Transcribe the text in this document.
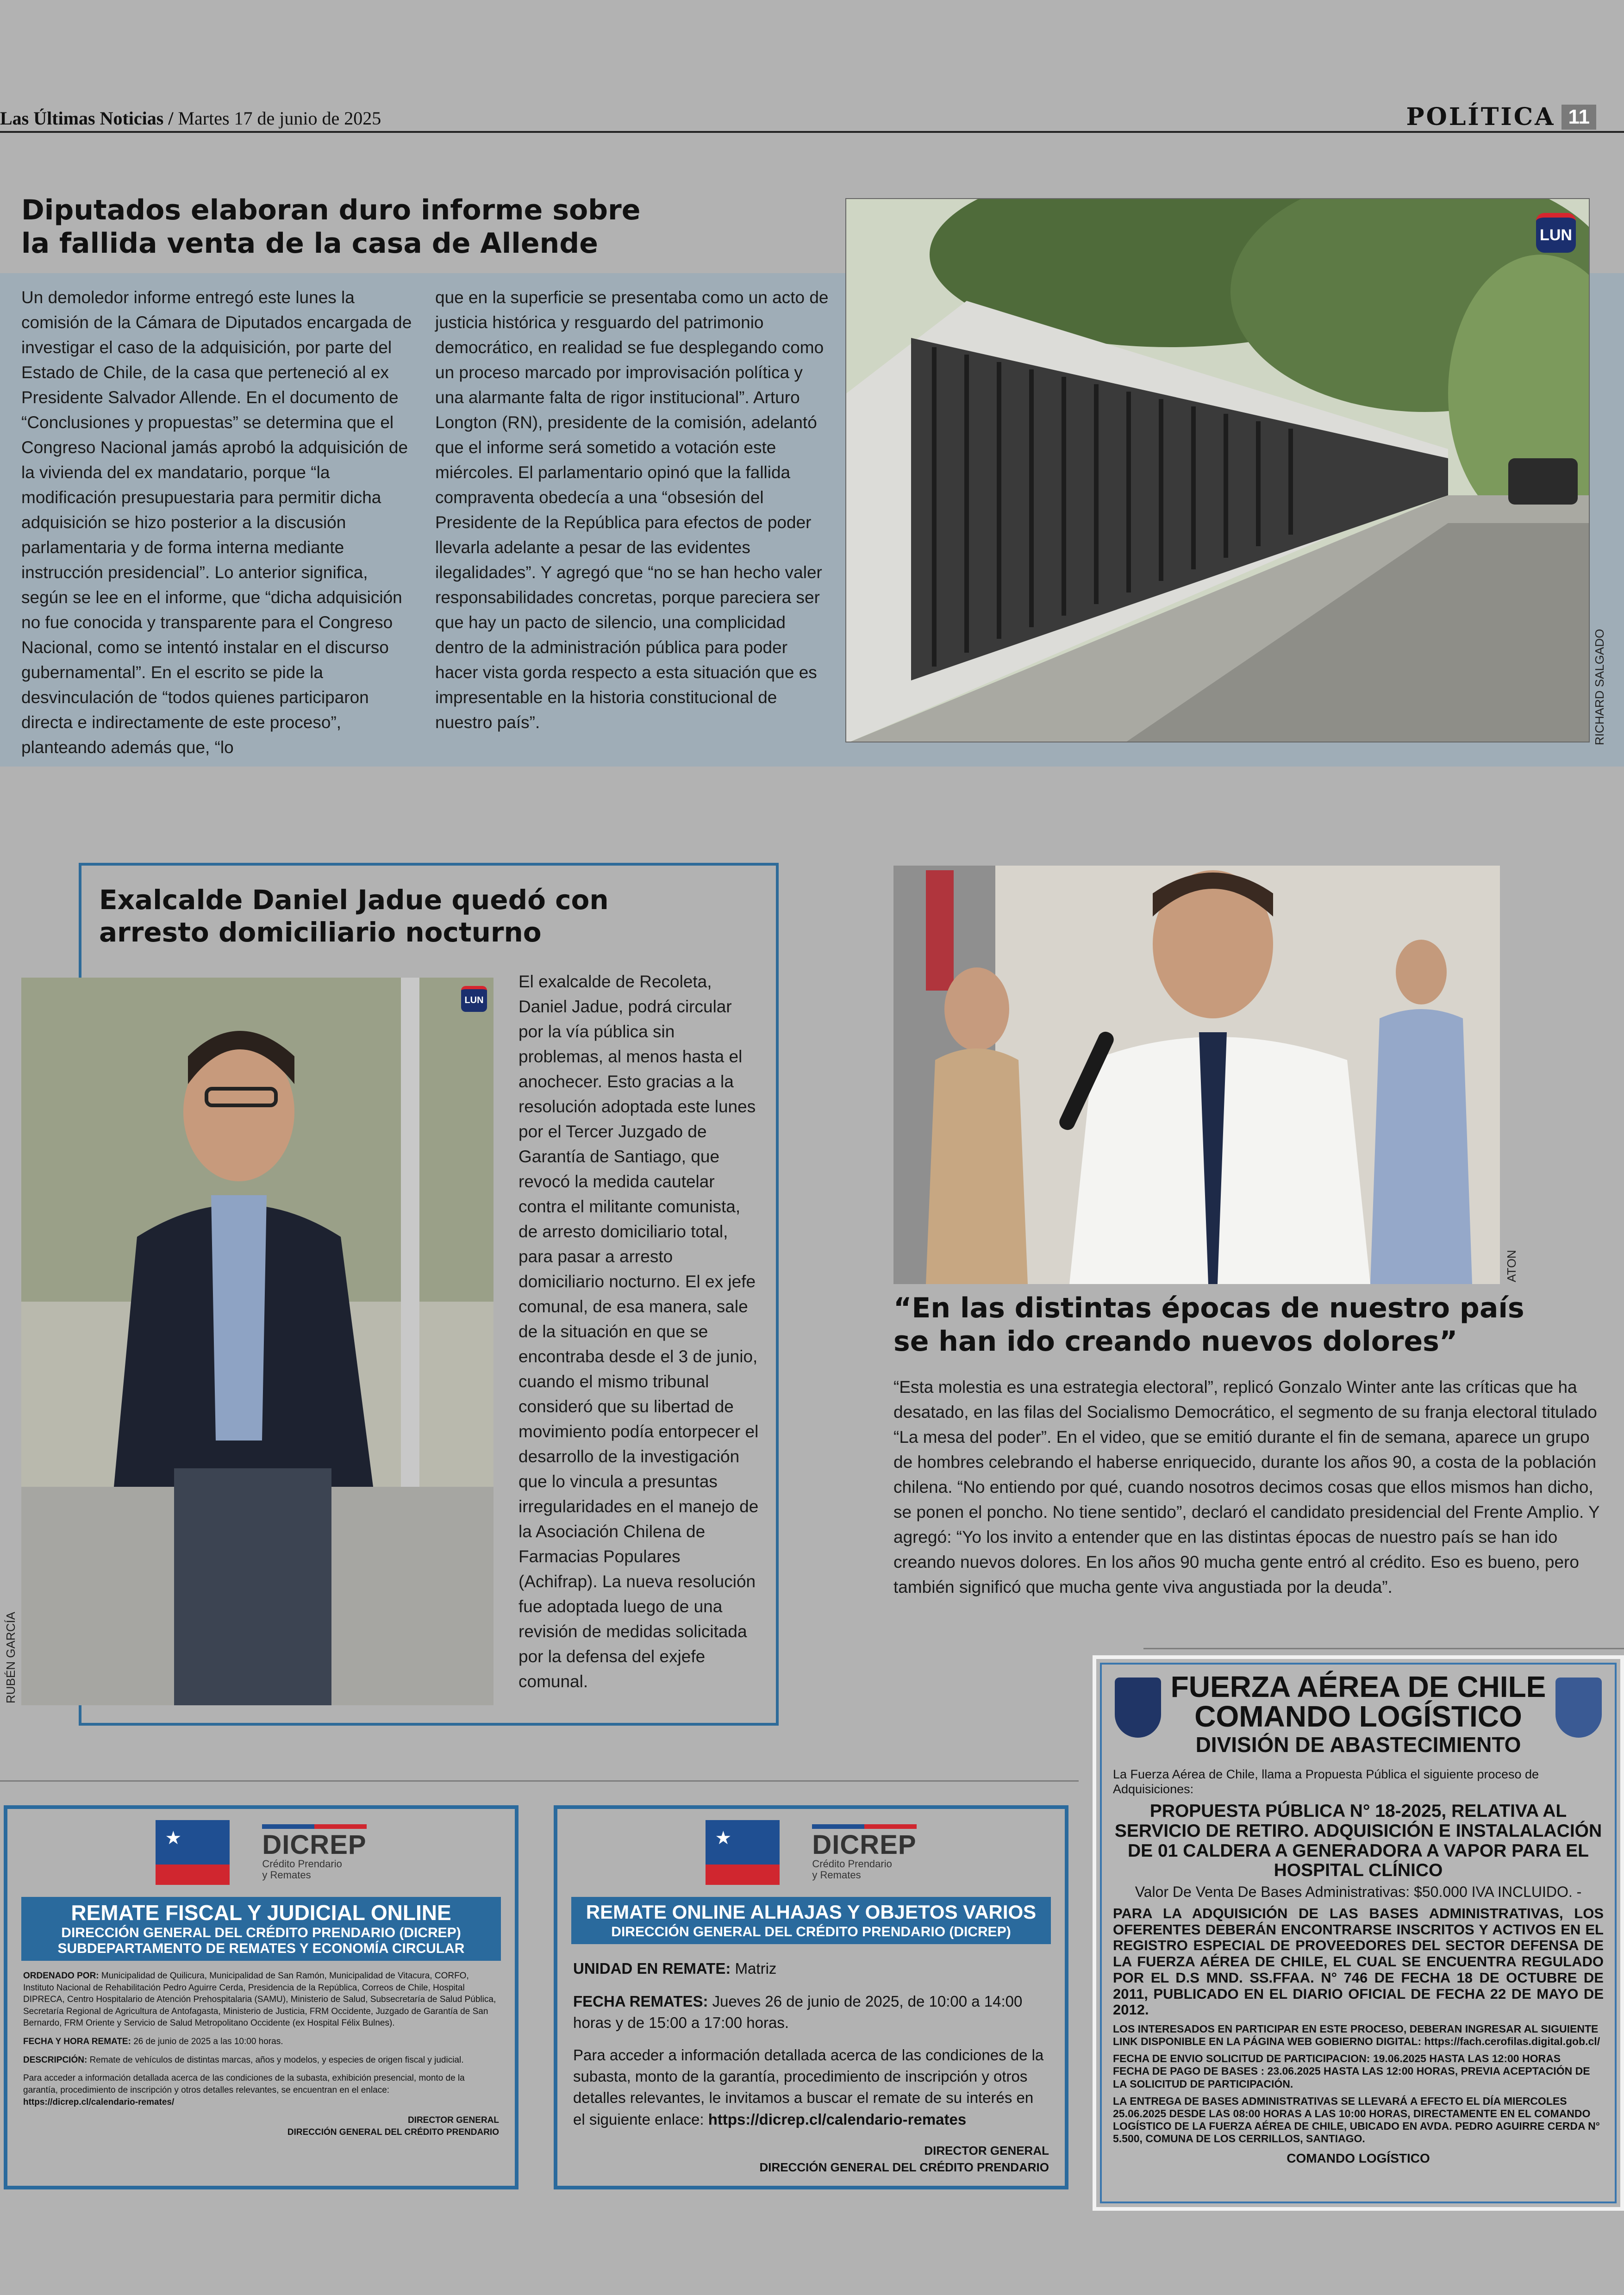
Las Últimas Noticias / Martes 17 de junio de 2025	POLÍTICA 11
Diputados elaboran duro informe sobre
la fallida venta de la casa de Allende
Un demoledor informe entregó este lunes la comisión de la Cámara de Diputados encargada de investigar el caso de la adquisición, por parte del Estado de Chile, de la casa que perteneció al ex Presidente Salvador Allende. En el documento de “Conclusiones y propuestas” se determina que el Congreso Nacional jamás aprobó la adquisición de la vivienda del ex mandatario, porque “la modificación presupuestaria para permitir dicha adquisición se hizo posterior a la discusión parlamentaria y de forma interna mediante instrucción presidencial”. Lo anterior significa, según se lee en el informe, que “dicha adquisición no fue conocida y transparente para el Congreso Nacional, como se intentó instalar en el discurso gubernamental”. En el escrito se pide la desvinculación de “todos quienes participaron directa e indirectamente de este proceso”, planteando además que, “lo
que en la superficie se presentaba como un acto de justicia histórica y resguardo del patrimonio democrático, en realidad se fue desplegando como un proceso marcado por improvisación política y una alarmante falta de rigor institucional”. Arturo Longton (RN), presidente de la comisión, adelantó que el informe será sometido a votación este miércoles. El parlamentario opinó que la fallida compraventa obedecía a una “obsesión del Presidente de la República para efectos de poder llevarla adelante a pesar de las evidentes ilegalidades”. Y agregó que “no se han hecho valer responsabilidades concretas, porque pareciera ser que hay un pacto de silencio, una complicidad dentro de la administración pública para poder hacer vista gorda respecto a esta situación que es impresentable en la historia constitucional de nuestro país”.
LUN
RICHARD SALGADO
Exalcalde Daniel Jadue quedó con
arresto domiciliario nocturno
LUN
RUBÉN GARCÍA
El exalcalde de Recoleta, Daniel Jadue, podrá circular por la vía pública sin problemas, al menos hasta el anochecer. Esto gracias a la resolución adoptada este lunes por el Tercer Juzgado de Garantía de Santiago, que revocó la medida cautelar contra el militante comunista, de arresto domiciliario total, para pasar a arresto domiciliario nocturno. El ex jefe comunal, de esa manera, sale de la situación en que se encontraba desde el 3 de junio, cuando el mismo tribunal consideró que su libertad de movimiento podía entorpecer el desarrollo de la investigación que lo vincula a presuntas irregularidades en el manejo de la Asociación Chilena de Farmacias Populares (Achifrap). La nueva resolución fue adoptada luego de una revisión de medidas solicitada por la defensa del exjefe comunal.
ATON
“En las distintas épocas de nuestro país
se han ido creando nuevos dolores”
“Esta molestia es una estrategia electoral”, replicó Gonzalo Winter ante las críticas que ha desatado, en las filas del Socialismo Democrático, el segmento de su franja electoral titulado “La mesa del poder”. En el video, que se emitió durante el fin de semana, aparece un grupo de hombres celebrando el haberse enriquecido, durante los años 90, a costa de la población chilena. “No entiendo por qué, cuando nosotros decimos cosas que ellos mismos han dicho, se ponen el poncho. No tiene sentido”, declaró el candidato presidencial del Frente Amplio. Y agregó: “Yo los invito a entender que en las distintas épocas de nuestro país se han ido creando nuevos dolores. En los años 90 mucha gente entró al crédito. Eso es bueno, pero también significó que mucha gente viva angustiada por la deuda”.
★	DICREP
Crédito Prendario
y Remates
REMATE FISCAL Y JUDICIAL ONLINE
DIRECCIÓN GENERAL DEL CRÉDITO PRENDARIO (DICREP)
SUBDEPARTAMENTO DE REMATES Y ECONOMÍA CIRCULAR

ORDENADO POR: Municipalidad de Quilicura, Municipalidad de San Ramón, Municipalidad de Vitacura, CORFO, Instituto Nacional de Rehabilitación Pedro Aguirre Cerda, Presidencia de la República, Correos de Chile, Hospital DIPRECA, Centro Hospitalario de Atención Prehospitalaria (SAMU), Ministerio de Salud, Subsecretaría de Salud Pública, Secretaría Regional de Agricultura de Antofagasta, Ministerio de Justicia, FRM Occidente, Juzgado de Garantía de San Bernardo, FRM Oriente y Servicio de Salud Metropolitano Occidente (ex Hospital Félix Bulnes).

FECHA Y HORA REMATE: 26 de junio de 2025 a las 10:00 horas.

DESCRIPCIÓN: Remate de vehículos de distintas marcas, años y modelos, y especies de origen fiscal y judicial.

Para acceder a información detallada acerca de las condiciones de la subasta, exhibición presencial, monto de la garantía, procedimiento de inscripción y otros detalles relevantes, se encuentran en el enlace: https://dicrep.cl/calendario-remates/

DIRECTOR GENERAL

DIRECCIÓN GENERAL DEL CRÉDITO PRENDARIO

★	DICREP
Crédito Prendario
y Remates
REMATE ONLINE ALHAJAS Y OBJETOS VARIOS
DIRECCIÓN GENERAL DEL CRÉDITO PRENDARIO (DICREP)

UNIDAD EN REMATE: Matriz

FECHA REMATES: Jueves 26 de junio de 2025, de 10:00 a 14:00 horas y de 15:00 a 17:00 horas.

Para acceder a información detallada acerca de las condiciones de la subasta, monto de la garantía, procedimiento de inscripción y otros detalles relevantes, le invitamos a buscar el remate de su interés en el siguiente enlace: https://dicrep.cl/calendario-remates

DIRECTOR GENERAL

DIRECCIÓN GENERAL DEL CRÉDITO PRENDARIO

FUERZA AÉREA DE CHILE
COMANDO LOGÍSTICO
DIVISIÓN DE ABASTECIMIENTO

La Fuerza Aérea de Chile, llama a Propuesta Pública el siguiente proceso de Adquisiciones:

PROPUESTA PÚBLICA N° 18-2025, RELATIVA AL SERVICIO DE RETIRO. ADQUISICIÓN E INSTALALACIÓN DE 01 CALDERA A GENERADORA A VAPOR PARA EL HOSPITAL CLÍNICO

Valor De Venta De Bases Administrativas: $50.000 IVA INCLUIDO. -

PARA LA ADQUISICIÓN DE LAS BASES ADMINISTRATIVAS, LOS OFERENTES DEBERÁN ENCONTRARSE INSCRITOS Y ACTIVOS EN EL REGISTRO ESPECIAL DE PROVEEDORES DEL SECTOR DEFENSA DE LA FUERZA AÉREA DE CHILE, EL CUAL SE ENCUENTRA REGULADO POR EL D.S MND. SS.FFAA. N° 746 DE FECHA 18 DE OCTUBRE DE 2011, PUBLICADO EN EL DIARIO OFICIAL DE FECHA 22 DE MAYO DE 2012.

LOS INTERESADOS EN PARTICIPAR EN ESTE PROCESO, DEBERAN INGRESAR AL SIGUIENTE LINK DISPONIBLE EN LA PÁGINA WEB GOBIERNO DIGITAL: https://fach.cerofilas.digital.gob.cl/

FECHA DE ENVIO SOLICITUD DE PARTICIPACION: 19.06.2025 HASTA LAS 12:00 HORAS

FECHA DE PAGO DE BASES : 23.06.2025 HASTA LAS 12:00 HORAS, PREVIA ACEPTACIÓN DE LA SOLICITUD DE PARTICIPACIÓN.

LA ENTREGA DE BASES ADMINISTRATIVAS SE LLEVARÁ A EFECTO EL DÍA MIERCOLES 25.06.2025 DESDE LAS 08:00 HORAS A LAS 10:00 HORAS, DIRECTAMENTE EN EL COMANDO LOGÍSTICO DE LA FUERZA AÉREA DE CHILE, UBICADO EN AVDA. PEDRO AGUIRRE CERDA N° 5.500, COMUNA DE LOS CERRILLOS, SANTIAGO.

COMANDO LOGÍSTICO
